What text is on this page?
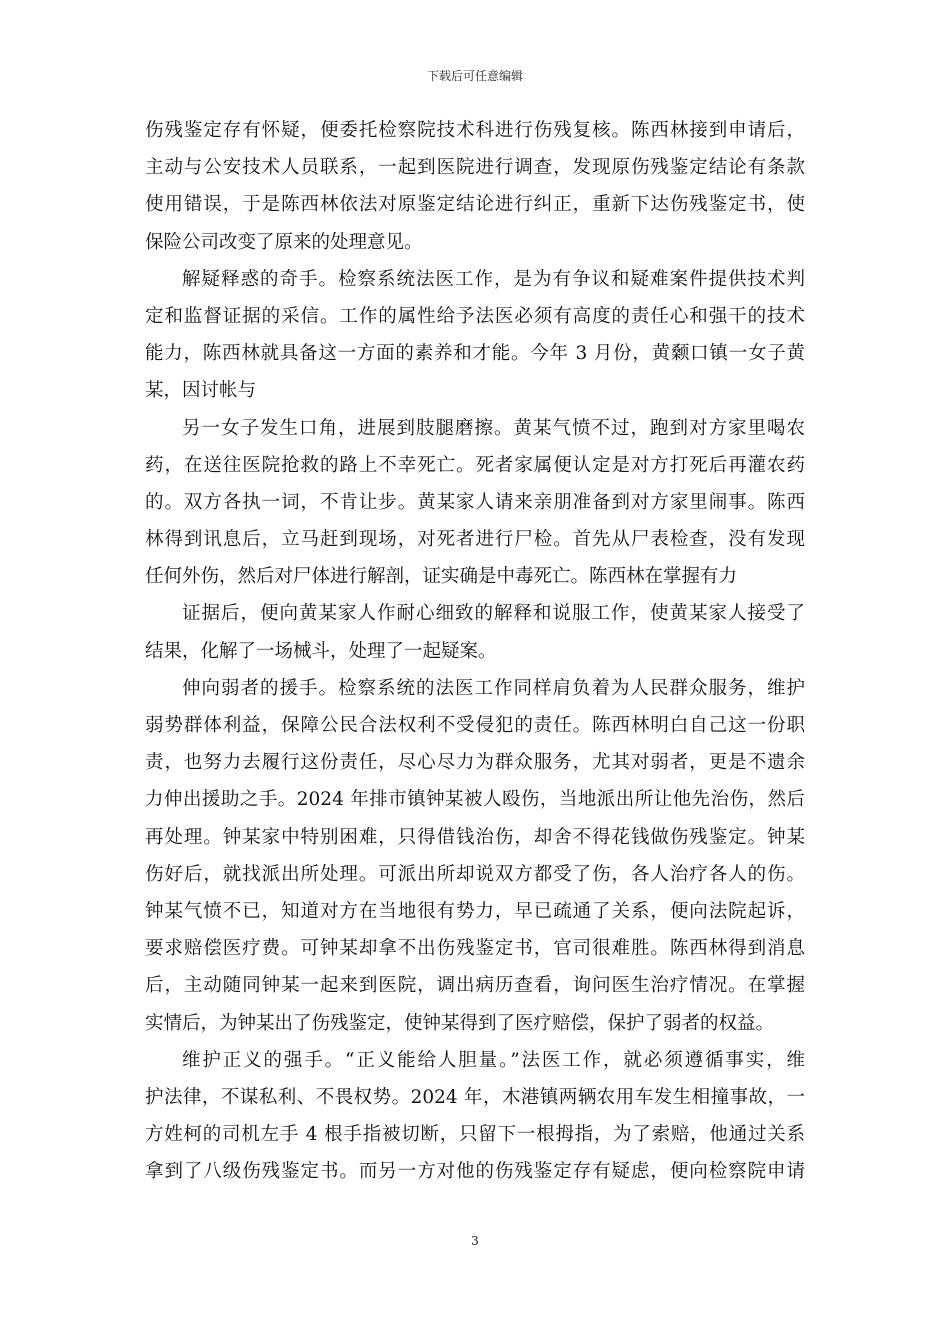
下载后可任意编辑
伤残鉴定存有怀疑，便委托检察院技术科进行伤残复核。陈西林接到申请后，
主动与公安技术人员联系，一起到医院进行调查，发现原伤残鉴定结论有条款
使用错误，于是陈西林依法对原鉴定结论进行纠正，重新下达伤残鉴定书，使
保险公司改变了原来的处理意见。
解疑释惑的奇手。检察系统法医工作，是为有争议和疑难案件提供技术判
定和监督证据的采信。工作的属性给予法医必须有高度的责任心和强干的技术
能力，陈西林就具备这一方面的素养和才能。今年 3 月份，黄颡口镇一女子黄
某，因讨帐与
另一女子发生口角，进展到肢腿磨擦。黄某气愤不过，跑到对方家里喝农
药，在送往医院抢救的路上不幸死亡。死者家属便认定是对方打死后再灌农药
的。双方各执一词，不肯让步。黄某家人请来亲朋准备到对方家里闹事。陈西
林得到讯息后，立马赶到现场，对死者进行尸检。首先从尸表检查，没有发现
任何外伤，然后对尸体进行解剖，证实确是中毒死亡。陈西林在掌握有力
证据后，便向黄某家人作耐心细致的解释和说服工作，使黄某家人接受了
结果，化解了一场械斗，处理了一起疑案。
伸向弱者的援手。检察系统的法医工作同样肩负着为人民群众服务，维护
弱势群体利益，保障公民合法权利不受侵犯的责任。陈西林明白自己这一份职
责，也努力去履行这份责任，尽心尽力为群众服务，尤其对弱者，更是不遗余
力伸出援助之手。2024 年排市镇钟某被人殴伤，当地派出所让他先治伤，然后
再处理。钟某家中特别困难，只得借钱治伤，却舍不得花钱做伤残鉴定。钟某
伤好后，就找派出所处理。可派出所却说双方都受了伤，各人治疗各人的伤。
钟某气愤不已，知道对方在当地很有势力，早已疏通了关系，便向法院起诉，
要求赔偿医疗费。可钟某却拿不出伤残鉴定书，官司很难胜。陈西林得到消息
后，主动随同钟某一起来到医院，调出病历查看，询问医生治疗情况。在掌握
实情后，为钟某出了伤残鉴定，使钟某得到了医疗赔偿，保护了弱者的权益。
维护正义的强手。“正义能给人胆量。”法医工作，就必须遵循事实，维
护法律，不谋私利、不畏权势。2024 年，木港镇两辆农用车发生相撞事故，一
方姓柯的司机左手 4 根手指被切断，只留下一根拇指，为了索赔，他通过关系
拿到了八级伤残鉴定书。而另一方对他的伤残鉴定存有疑虑，便向检察院申请
3
